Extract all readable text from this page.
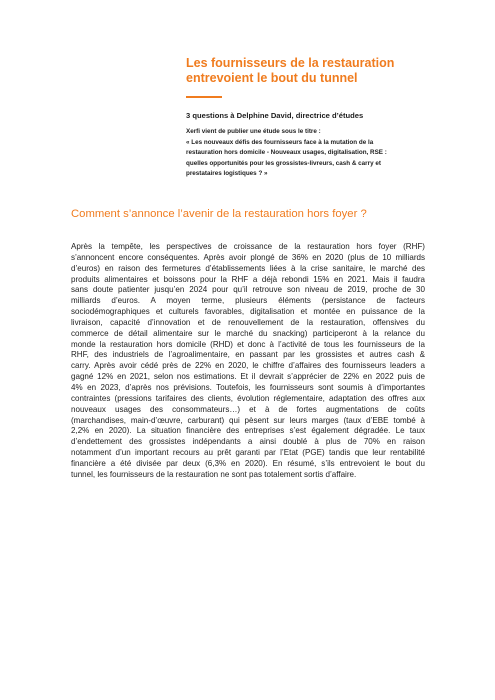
Les fournisseurs de la restauration
entrevoient le bout du tunnel
3 questions à Delphine David, directrice d’études
Xerfi vient de publier une étude sous le titre :
« Les nouveaux défis des fournisseurs face à la mutation de la
restauration hors domicile - Nouveaux usages, digitalisation, RSE :
quelles opportunités pour les grossistes-livreurs, cash & carry et
prestataires logistiques ? »
Comment s’annonce l’avenir de la restauration hors foyer ?
Après la tempête, les perspectives de croissance de la restauration hors foyer (RHF)
s’annoncent encore conséquentes. Après avoir plongé de 36% en 2020 (plus de 10 milliards
d’euros) en raison des fermetures d’établissements liées à la crise sanitaire, le marché des
produits alimentaires et boissons pour la RHF a déjà rebondi 15% en 2021. Mais il faudra
sans doute patienter jusqu’en 2024 pour qu’il retrouve son niveau de 2019, proche de 30
milliards d’euros. A moyen terme, plusieurs éléments (persistance de facteurs
sociodémographiques et culturels favorables, digitalisation et montée en puissance de la
livraison, capacité d’innovation et de renouvellement de la restauration, offensives du
commerce de détail alimentaire sur le marché du snacking) participeront à la relance du
monde la restauration hors domicile (RHD) et donc à l’activité de tous les fournisseurs de la
RHF, des industriels de l’agroalimentaire, en passant par les grossistes et autres cash &
carry. Après avoir cédé près de 22% en 2020, le chiffre d’affaires des fournisseurs leaders a
gagné 12% en 2021, selon nos estimations. Et il devrait s’apprécier de 22% en 2022 puis de
4% en 2023, d’après nos prévisions. Toutefois, les fournisseurs sont soumis à d’importantes
contraintes (pressions tarifaires des clients, évolution réglementaire, adaptation des offres aux
nouveaux usages des consommateurs…) et à de fortes augmentations de coûts
(marchandises, main-d’œuvre, carburant) qui pèsent sur leurs marges (taux d’EBE tombé à
2,2% en 2020). La situation financière des entreprises s’est également dégradée. Le taux
d’endettement des grossistes indépendants a ainsi doublé à plus de 70% en raison
notamment d’un important recours au prêt garanti par l’Etat (PGE) tandis que leur rentabilité
financière a été divisée par deux (6,3% en 2020). En résumé, s’ils entrevoient le bout du
tunnel, les fournisseurs de la restauration ne sont pas totalement sortis d’affaire.
